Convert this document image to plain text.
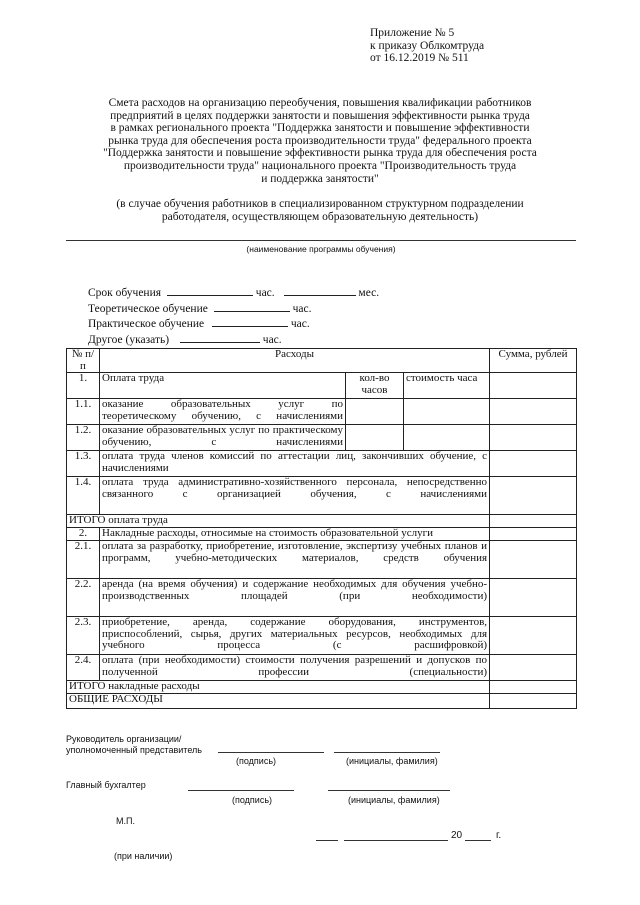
Приложение № 5
к приказу Облкомтруда
от 16.12.2019 № 511
Смета расходов на организацию переобучения, повышения квалификации работников
предприятий в целях поддержки занятости и повышения эффективности рынка труда
в рамках регионального проекта "Поддержка занятости и повышение эффективности
рынка труда для обеспечения роста производительности труда" федерального проекта
"Поддержка занятости и повышение эффективности рынка труда для обеспечения роста
производительности труда" национального проекта "Производительность труда
и поддержка занятости"
(в случае обучения работников в специализированном структурном подразделении
работодателя, осуществляющем образовательную деятельность)
(наименование программы обучения)
Срок обучения	час.	мес.
Теоретическое обучение	час.
Практическое обучение	час.
Другое (указать)	час.
№ п/п	Расходы			Сумма, рублей
1.	Оплата труда	кол-во часов	стоимость часа	
1.1.	оказание образовательных услуг по теоретическому обучению, с начислениями			
1.2.	оказание образовательных услуг по практическому обучению, с начислениями			
1.3.	оплата труда членов комиссий по аттестации лиц, закончивших обучение, с начислениями			
1.4.	оплата труда административно-хозяйственного персонала, непосредственно связанного с организацией обучения, с начислениями			
ИТОГО оплата труда				
2.	Накладные расходы, относимые на стоимость образовательной услуги			
2.1.	оплата за разработку, приобретение, изготовление, экспертизу учебных планов и программ, учебно-методических материалов, средств обучения			
2.2.	аренда (на время обучения) и содержание необходимых для обучения учебно-производственных площадей (при необходимости)			
2.3.	приобретение, аренда, содержание оборудования, инструментов, приспособлений, сырья, других материальных ресурсов, необходимых для учебного процесса (с расшифровкой)			
2.4.	оплата (при необходимости) стоимости получения разрешений и допусков по полученной профессии (специальности)			
ИТОГО накладные расходы				
ОБЩИЕ РАСХОДЫ				
Руководитель организации/
уполномоченный представитель
(подпись)	(инициалы, фамилия)
Главный бухгалтер
(подпись)	(инициалы, фамилия)
М.П.
20	г.
(при наличии)
